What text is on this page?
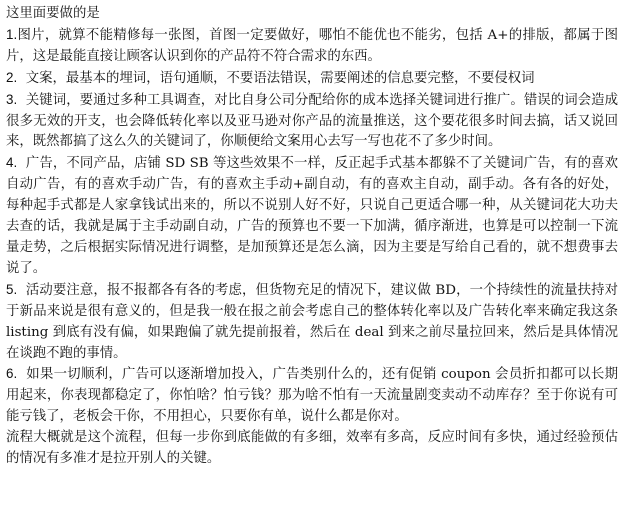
这里面要做的是

1.图片，就算不能精修每一张图，首图一定要做好，哪怕不能优也不能劣，包括 A+的排版，都属于图片，这是最能直接让顾客认识到你的产品符不符合需求的东西。

2. 文案，最基本的埋词，语句通顺，不要语法错误，需要阐述的信息要完整，不要侵权词

3. 关键词，要通过多种工具调查，对比自身公司分配给你的成本选择关键词进行推广。错误的词会造成很多无效的开支，也会降低转化率以及亚马逊对你产品的流量推送，这个要花很多时间去搞，话又说回来，既然都搞了这么久的关键词了，你顺便给文案用心去写一写也花不了多少时间。

4. 广告，不同产品，店铺 SD SB 等这些效果不一样，反正起手式基本都躲不了关键词广告，有的喜欢自动广告，有的喜欢手动广告，有的喜欢主手动+副自动，有的喜欢主自动，副手动。各有各的好处，每种起手式都是人家拿钱试出来的，所以不说别人好不好，只说自己更适合哪一种，从关键词花大功夫去查的话，我就是属于主手动副自动，广告的预算也不要一下加满，循序渐进，也算是可以控制一下流量走势，之后根据实际情况进行调整，是加预算还是怎么滴，因为主要是写给自己看的，就不想费事去说了。

5. 活动要注意，报不报都各有各的考虑，但货物充足的情况下，建议做 BD，一个持续性的流量扶持对于新品来说是很有意义的，但是我一般在报之前会考虑自己的整体转化率以及广告转化率来确定我这条 listing 到底有没有偏，如果跑偏了就先提前报着，然后在 deal 到来之前尽量拉回来，然后是具体情况在谈跑不跑的事情。

6. 如果一切顺利，广告可以逐渐增加投入，广告类别什么的，还有促销 coupon 会员折扣都可以长期用起来，你表现都稳定了，你怕啥？怕亏钱？那为啥不怕有一天流量剧变卖动不动库存？至于你说有可能亏钱了，老板会干你，不用担心，只要你有单，说什么都是你对。

流程大概就是这个流程，但每一步你到底能做的有多细，效率有多高，反应时间有多快，通过经验预估的情况有多准才是拉开别人的关键。
